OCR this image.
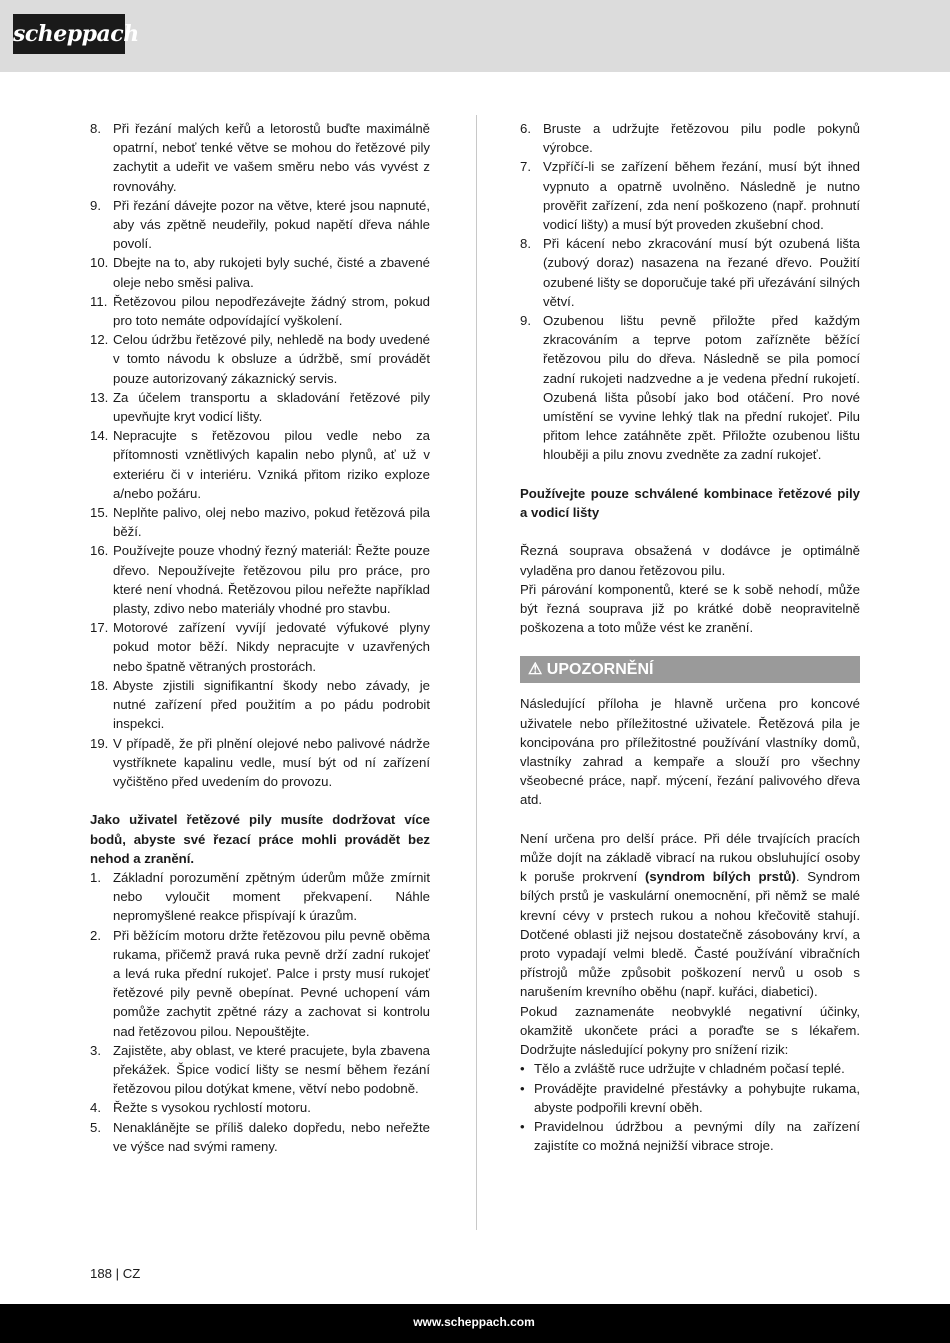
scheppach
8. Při řezání malých keřů a letorostů buďte maximálně opatrní, neboť tenké větve se mohou do řetězové pily zachytit a udeřit ve vašem směru nebo vás vyvést z rovnováhy.
9. Při řezání dávejte pozor na větve, které jsou napnuté, aby vás zpětně neudeřily, pokud napětí dřeva náhle povolí.
10. Dbejte na to, aby rukojeti byly suché, čisté a zbavené oleje nebo směsi paliva.
11. Řetězovou pilou nepodřezávejte žádný strom, pokud pro toto nemáte odpovídající vyškolení.
12. Celou údržbu řetězové pily, nehledě na body uvedené v tomto návodu k obsluze a údržbě, smí provádět pouze autorizovaný zákaznický servis.
13. Za účelem transportu a skladování řetězové pily upevňujte kryt vodicí lišty.
14. Nepracujte s řetězovou pilou vedle nebo za přítomnosti vznětlivých kapalin nebo plynů, ať už v exteriéru či v interiéru. Vzniká přitom riziko exploze a/nebo požáru.
15. Neplňte palivo, olej nebo mazivo, pokud řetězová pila běží.
16. Používejte pouze vhodný řezný materiál: Řežte pouze dřevo. Nepoužívejte řetězovou pilu pro práce, pro které není vhodná. Řetězovou pilou neřežte například plasty, zdivo nebo materiály vhodné pro stavbu.
17. Motorové zařízení vyvíjí jedovaté výfukové plyny pokud motor běží. Nikdy nepracujte v uzavřených nebo špatně větraných prostorách.
18. Abyste zjistili signifikantní škody nebo závady, je nutné zařízení před použitím a po pádu podrobit inspekci.
19. V případě, že při plnění olejové nebo palivové nádrže vystříknete kapalinu vedle, musí být od ní zařízení vyčištěno před uvedením do provozu.

Jako uživatel řetězové pily musíte dodržovat více bodů, abyste své řezací práce mohli provádět bez nehod a zranění.

1. Základní porozumění zpětným úderům může zmírnit nebo vyloučit moment překvapení. Náhle nepromyšlené reakce přispívají k úrazům.
2. Při běžícím motoru držte řetězovou pilu pevně oběma rukama, přičemž pravá ruka pevně drží zadní rukojeť a levá ruka přední rukojeť. Palce i prsty musí rukojeť řetězové pily pevně obepínat. Pevné uchopení vám pomůže zachytit zpětné rázy a zachovat si kontrolu nad řetězovou pilou. Nepouštějte.
3. Zajistěte, aby oblast, ve které pracujete, byla zbavena překážek. Špice vodicí lišty se nesmí během řezání řetězovou pilou dotýkat kmene, větví nebo podobně.
4. Řežte s vysokou rychlostí motoru.
5. Nenaklánějte se příliš daleko dopředu, nebo neřežte ve výšce nad svými rameny.
6. Bruste a udržujte řetězovou pilu podle pokynů výrobce.
7. Vzpříčí-li se zařízení během řezání, musí být ihned vypnuto a opatrně uvolněno. Následně je nutno prověřit zařízení, zda není poškozeno (např. prohnutí vodicí lišty) a musí být proveden zkušební chod.
8. Při kácení nebo zkracování musí být ozubená lišta (zubový doraz) nasazena na řezané dřevo. Použití ozubené lišty se doporučuje také při uřezávání silných větví.
9. Ozubenou lištu pevně přiložte před každým zkracováním a teprve potom zařízněte běžící řetězovou pilu do dřeva. Následně se pila pomocí zadní rukojeti nadzvedne a je vedena přední rukojetí. Ozubená lišta působí jako bod otáčení. Pro nové umístění se vyvine lehký tlak na přední rukojeť. Pilu přitom lehce zatáhněte zpět. Přiložte ozubenou lištu hlouběji a pilu znovu zvedněte za zadní rukojeť.

Používejte pouze schválené kombinace řetězové pily a vodicí lišty

Řezná souprava obsažená v dodávce je optimálně vyladěna pro danou řetězovou pilu.

Při párování komponentů, které se k sobě nehodí, může být řezná souprava již po krátké době neopravitelně poškozena a toto může vést ke zranění.

⚠ UPOZORNĚNÍ

Následující příloha je hlavně určena pro koncové uživatele nebo příležitostné uživatele. Řetězová pila je koncipována pro příležitostné používání vlastníky domů, vlastníky zahrad a kempaře a slouží pro všechny všeobecné práce, např. mýcení, řezání palivového dřeva atd.

Není určena pro delší práce. Při déle trvajících pracích může dojít na základě vibrací na rukou obsluhující osoby k poruše prokrvení (syndrom bílých prstů). Syndrom bílých prstů je vaskulární onemocnění, při němž se malé krevní cévy v prstech rukou a nohou křečovitě stahují. Dotčené oblasti již nejsou dostatečně zásobovány krví, a proto vypadají velmi bledě. Časté používání vibračních přístrojů může způsobit poškození nervů u osob s narušením krevního oběhu (např. kuřáci, diabetici).

Pokud zaznamenáte neobvyklé negativní účinky, okamžitě ukončete práci a poraďte se s lékařem. Dodržujte následující pokyny pro snížení rizik:

• Tělo a zvláště ruce udržujte v chladném počasí teplé.
• Provádějte pravidelné přestávky a pohybujte rukama, abyste podpořili krevní oběh.
• Pravidelnou údržbou a pevnými díly na zařízení zajistíte co možná nejnižší vibrace stroje.
188 | CZ
www.scheppach.com
